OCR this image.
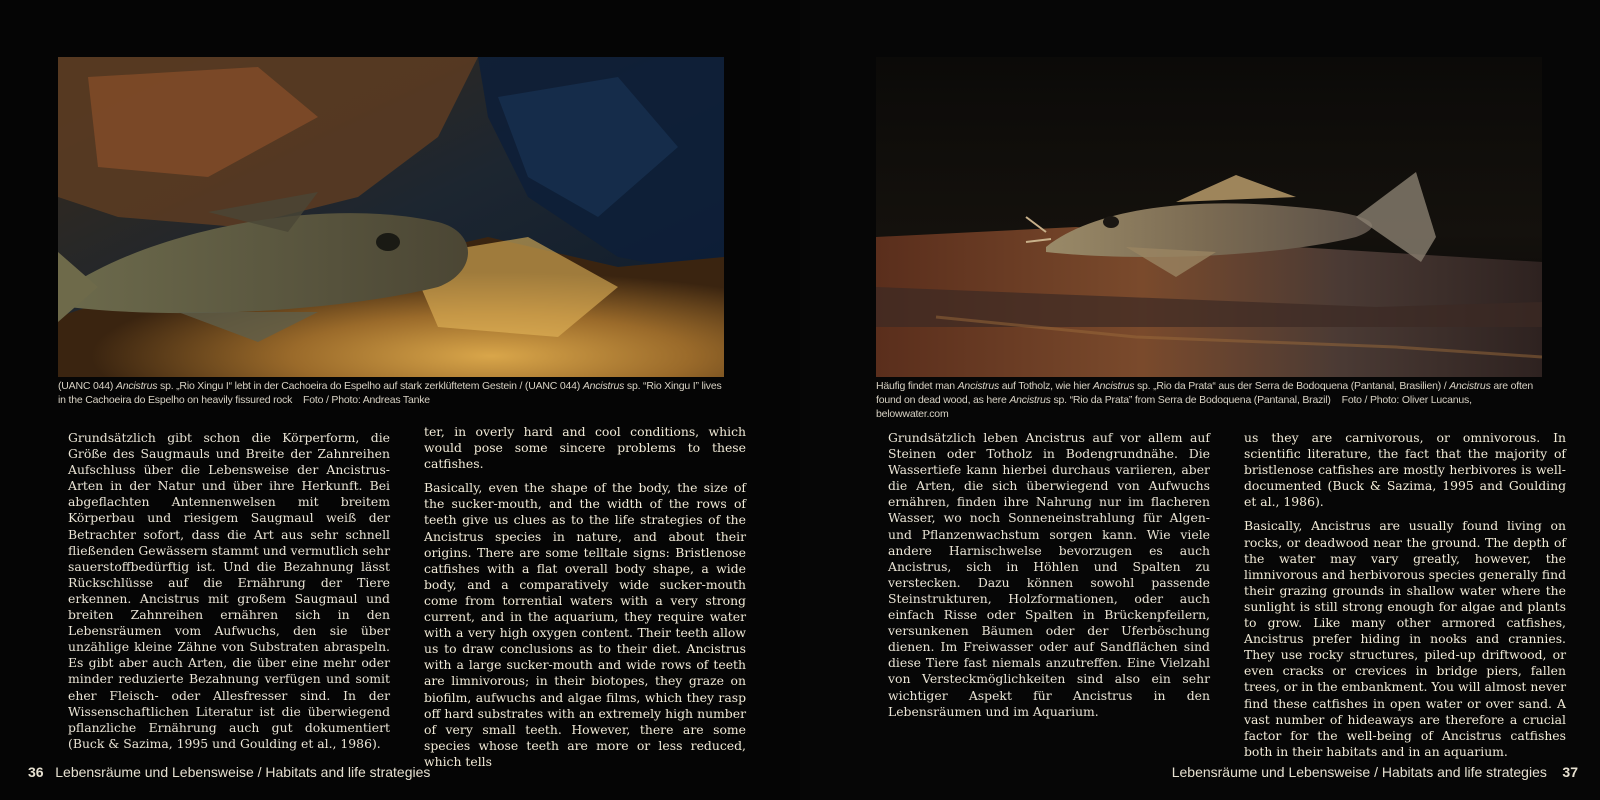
(UANC 044) Ancistrus sp. „Rio Xingu I“ lebt in der Cachoeira do Espelho auf stark zerklüftetem Gestein / (UANC 044) Ancistrus sp. “Rio Xingu I” lives in the Cachoeira do Espelho on heavily fissured rock Foto / Photo: Andreas Tanke

Grundsätzlich gibt schon die Körperform, die Größe des Saugmauls und Breite der Zahnreihen Aufschluss über die Lebensweise der Ancistrus-Arten in der Natur und über ihre Herkunft. Bei abgeflachten Antennenwelsen mit breitem Körperbau und riesigem Saugmaul weiß der Betrachter sofort, dass die Art aus sehr schnell fließenden Gewässern stammt und vermutlich sehr sauerstoffbedürftig ist. Und die Bezahnung lässt Rückschlüsse auf die Ernährung der Tiere erkennen. Ancistrus mit großem Saugmaul und breiten Zahnreihen ernähren sich in den Lebensräumen vom Aufwuchs, den sie über unzählige kleine Zähne von Substraten abraspeln. Es gibt aber auch Arten, die über eine mehr oder minder reduzierte Bezahnung verfügen und somit eher Fleisch- oder Allesfresser sind. In der Wissenschaftlichen Literatur ist die überwiegend pflanzliche Ernährung auch gut dokumentiert (Buck & Sazima, 1995 und Goulding et al., 1986).

ter, in overly hard and cool conditions, which would pose some sincere problems to these catfishes.

Basically, even the shape of the body, the size of the sucker-mouth, and the width of the rows of teeth give us clues as to the life strategies of the Ancistrus species in nature, and about their origins. There are some telltale signs: Bristlenose catfishes with a flat overall body shape, a wide body, and a comparatively wide sucker-mouth come from torrential waters with a very strong current, and in the aquarium, they require water with a very high oxygen content. Their teeth allow us to draw conclusions as to their diet. Ancistrus with a large sucker-mouth and wide rows of teeth are limnivorous; in their biotopes, they graze on biofilm, aufwuchs and algae films, which they rasp off hard substrates with an extremely high number of very small teeth. However, there are some species whose teeth are more or less reduced, which tells

36 Lebensräume und Lebensweise / Habitats and life strategies
Häufig findet man Ancistrus auf Totholz, wie hier Ancistrus sp. „Rio da Prata“ aus der Serra de Bodoquena (Pantanal, Brasilien) / Ancistrus are often found on dead wood, as here Ancistrus sp. “Rio da Prata” from Serra de Bodoquena (Pantanal, Brazil) Foto / Photo: Oliver Lucanus, belowwater.com

Grundsätzlich leben Ancistrus auf vor allem auf Steinen oder Totholz in Bodengrundnähe. Die Wassertiefe kann hierbei durchaus variieren, aber die Arten, die sich überwiegend von Aufwuchs ernähren, finden ihre Nahrung nur im flacheren Wasser, wo noch Sonneneinstrahlung für Algen- und Pflanzenwachstum sorgen kann. Wie viele andere Harnischwelse bevorzugen es auch Ancistrus, sich in Höhlen und Spalten zu verstecken. Dazu können sowohl passende Steinstrukturen, Holzformationen, oder auch einfach Risse oder Spalten in Brückenpfeilern, versunkenen Bäumen oder der Uferböschung dienen. Im Freiwasser oder auf Sandflächen sind diese Tiere fast niemals anzutreffen. Eine Vielzahl von Versteckmöglichkeiten sind also ein sehr wichtiger Aspekt für Ancistrus in den Lebensräumen und im Aquarium.

us they are carnivorous, or omnivorous. In scientific literature, the fact that the majority of bristlenose catfishes are mostly herbivores is well-documented (Buck & Sazima, 1995 and Goulding et al., 1986).

Basically, Ancistrus are usually found living on rocks, or deadwood near the ground. The depth of the water may vary greatly, however, the limnivorous and herbivorous species generally find their grazing grounds in shallow water where the sunlight is still strong enough for algae and plants to grow. Like many other armored catfishes, Ancistrus prefer hiding in nooks and crannies. They use rocky structures, piled-up driftwood, or even cracks or crevices in bridge piers, fallen trees, or in the embankment. You will almost never find these catfishes in open water or over sand. A vast number of hideaways are therefore a crucial factor for the well-being of Ancistrus catfishes both in their habitats and in an aquarium.

Lebensräume und Lebensweise / Habitats and life strategies 37
